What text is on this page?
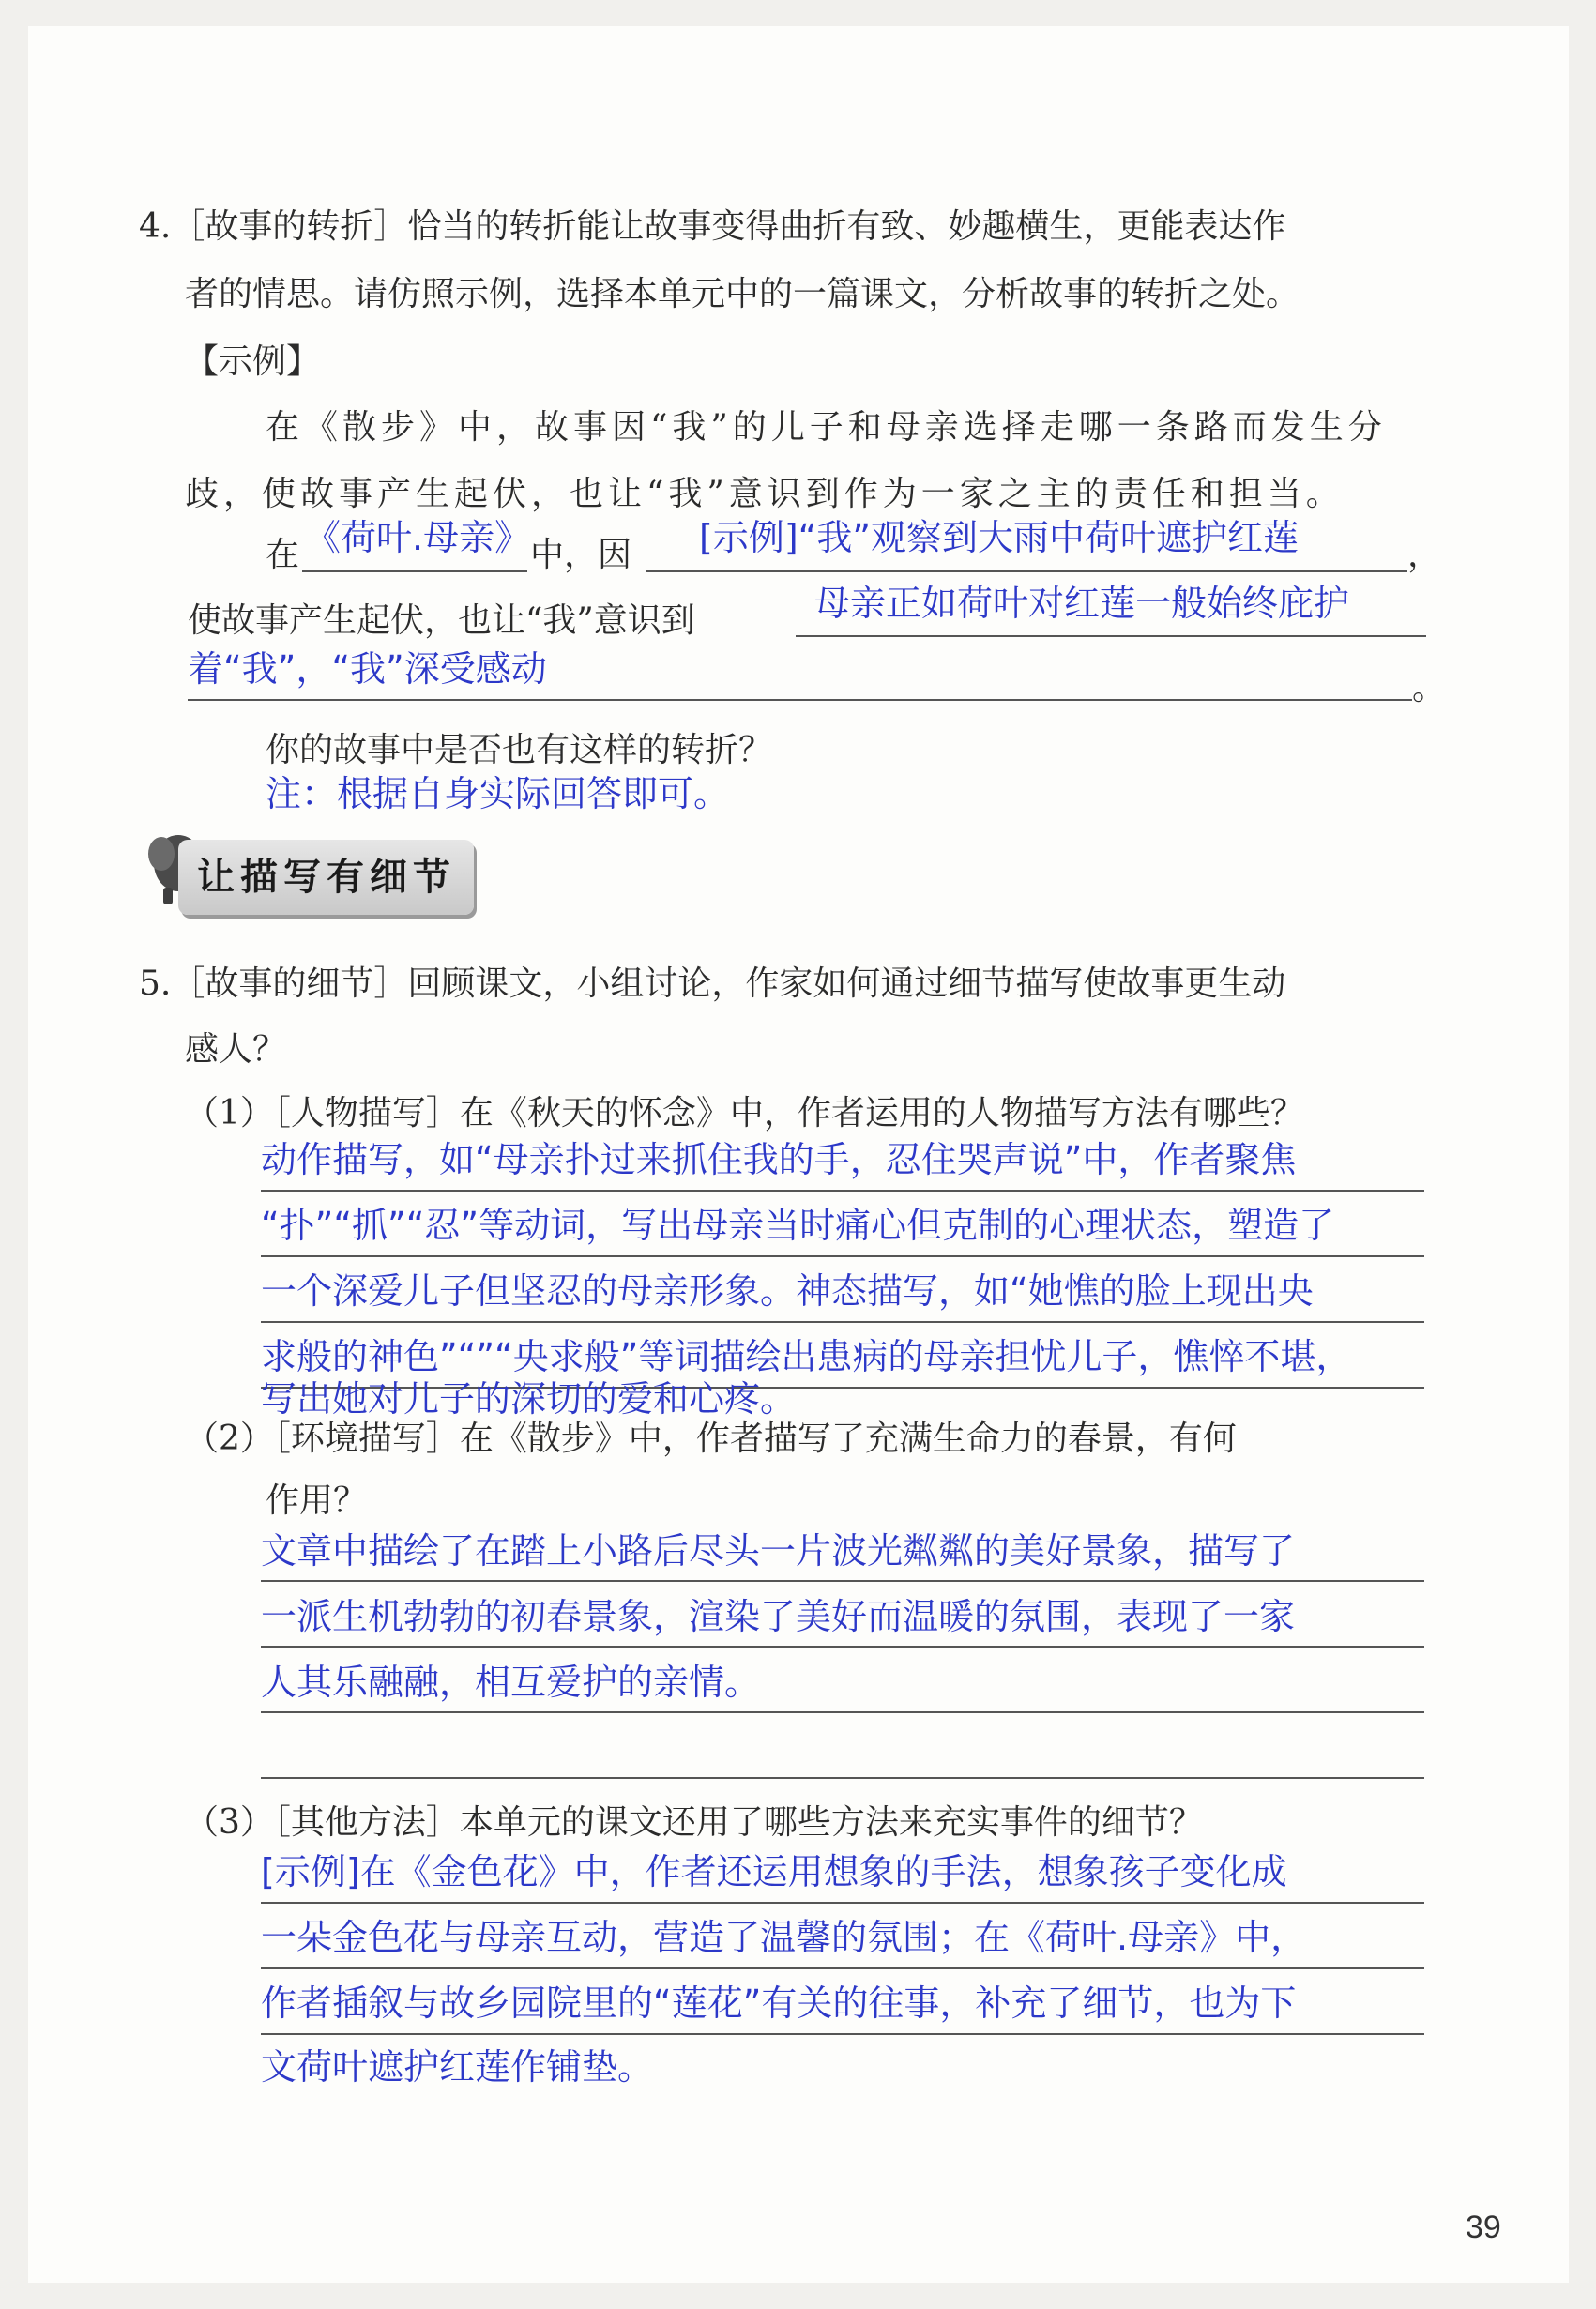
4.［故事的转折］恰当的转折能让故事变得曲折有致、妙趣横生，更能表达作
者的情思。请仿照示例，选择本单元中的一篇课文，分析故事的转折之处。
【示例】
在《散步》中，故事因“我”的儿子和母亲选择走哪一条路而发生分
歧，使故事产生起伏，也让“我”意识到作为一家之主的责任和担当。
在 《荷叶.母亲》 中，因 [示例]“我”观察到大雨中荷叶遮护红莲	，
使故事产生起伏，也让“我”意识到	母亲正如荷叶对红莲一般始终庇护
着“我”，“我”深受感动	。
你的故事中是否也有这样的转折？
注：根据自身实际回答即可。
让描写有细节
5.［故事的细节］回顾课文，小组讨论，作家如何通过细节描写使故事更生动
感人？
（1）［人物描写］在《秋天的怀念》中，作者运用的人物描写方法有哪些？
动作描写，如“母亲扑过来抓住我的手，忍住哭声说”中，作者聚焦
“扑”“抓”“忍”等动词，写出母亲当时痛心但克制的心理状态，塑造了
一个深爱儿子但坚忍的母亲形象。神态描写，如“她憔的脸上现出央
求般的神色”“”“央求般”等词描绘出患病的母亲担忧儿子，憔悴不堪，
写出她对儿子的深切的爱和心疼。
（2）［环境描写］在《散步》中，作者描写了充满生命力的春景，有何
作用？
文章中描绘了在踏上小路后尽头一片波光粼粼的美好景象，描写了
一派生机勃勃的初春景象，渲染了美好而温暖的氛围，表现了一家
人其乐融融，相互爱护的亲情。
（3）［其他方法］本单元的课文还用了哪些方法来充实事件的细节？
[示例]在《金色花》中，作者还运用想象的手法，想象孩子变化成
一朵金色花与母亲互动，营造了温馨的氛围；在《荷叶.母亲》中，
作者插叙与故乡园院里的“莲花”有关的往事，补充了细节，也为下
文荷叶遮护红莲作铺垫。
39
